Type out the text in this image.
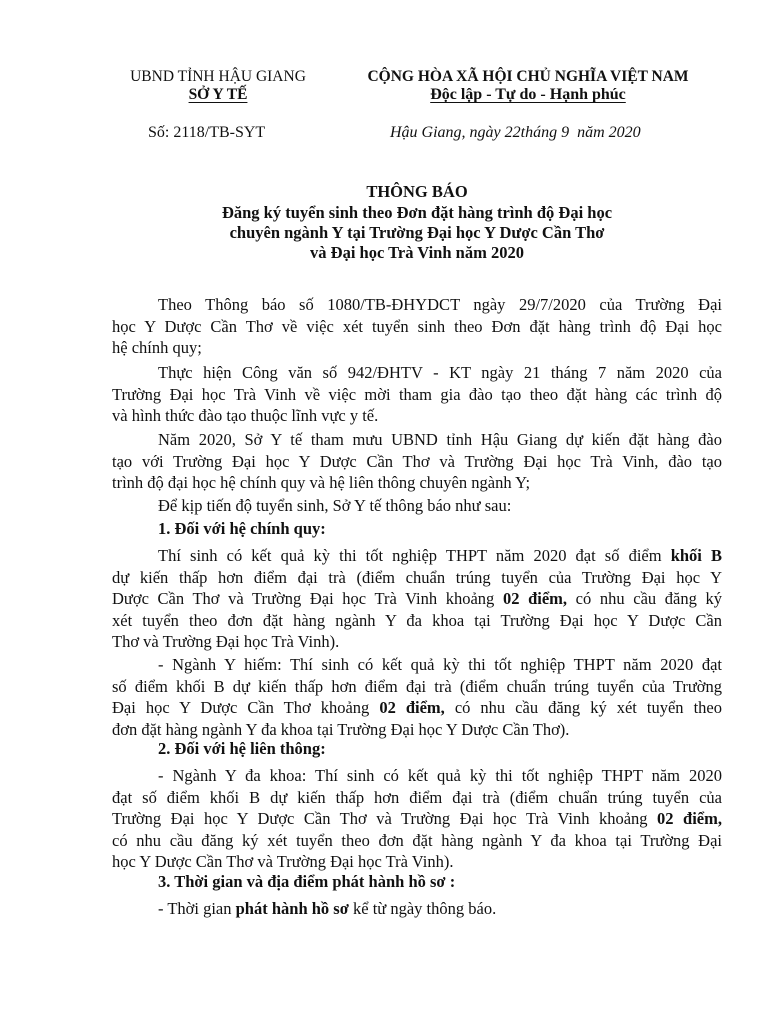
UBND TỈNH HẬU GIANG
SỞ Y TẾ
CỘNG HÒA XÃ HỘI CHỦ NGHĨA VIỆT NAM
Độc lập - Tự do - Hạnh phúc
Số: 2118/TB-SYT	Hậu Giang, ngày 22tháng 9  năm 2020
THÔNG BÁO
Đăng ký tuyển sinh theo Đơn đặt hàng trình độ Đại học
chuyên ngành Y tại Trường Đại học Y Dược Cần Thơ
và Đại học Trà Vinh năm 2020
Theo Thông báo số 1080/TB-ĐHYDCT ngày 29/7/2020 của Trường Đại
học Y Dược Cần Thơ về việc xét tuyển sinh theo Đơn đặt hàng trình độ Đại học
hệ chính quy;
Thực hiện Công văn số 942/ĐHTV - KT ngày 21 tháng 7 năm 2020 của
Trường Đại học Trà Vinh về việc mời tham gia đào tạo theo đặt hàng các trình độ
và hình thức đào tạo thuộc lĩnh vực y tế.
Năm 2020, Sở Y tế tham mưu UBND tỉnh Hậu Giang dự kiến đặt hàng đào
tạo với Trường Đại học Y Dược Cần Thơ và Trường Đại học Trà Vinh, đào tạo
trình độ đại học hệ chính quy và hệ liên thông chuyên ngành Y;
Để kịp tiến độ tuyển sinh, Sở Y tế thông báo như sau:
1. Đối với hệ chính quy:
Thí sinh có kết quả kỳ thi tốt nghiệp THPT năm 2020 đạt số điểm khối B
dự kiến thấp hơn điểm đại trà (điểm chuẩn trúng tuyển của Trường Đại học Y
Dược Cần Thơ và Trường Đại học Trà Vinh khoảng 02 điểm, có nhu cầu đăng ký
xét tuyển theo đơn đặt hàng ngành Y đa khoa tại Trường Đại học Y Dược Cần
Thơ và Trường Đại học Trà Vinh).
- Ngành Y hiếm: Thí sinh có kết quả kỳ thi tốt nghiệp THPT năm 2020 đạt
số điểm khối B dự kiến thấp hơn điểm đại trà (điểm chuẩn trúng tuyển của Trường
Đại học Y Dược Cần Thơ khoảng 02 điểm, có nhu cầu đăng ký xét tuyển theo
đơn đặt hàng ngành Y đa khoa tại Trường Đại học Y Dược Cần Thơ).
2. Đối với hệ liên thông:
- Ngành Y đa khoa: Thí sinh có kết quả kỳ thi tốt nghiệp THPT năm 2020
đạt số điểm khối B dự kiến thấp hơn điểm đại trà (điểm chuẩn trúng tuyển của
Trường Đại học Y Dược Cần Thơ và Trường Đại học Trà Vinh khoảng 02 điểm,
có nhu cầu đăng ký xét tuyển theo đơn đặt hàng ngành Y đa khoa tại Trường Đại
học Y Dược Cần Thơ và Trường Đại học Trà Vinh).
3. Thời gian và địa điểm phát hành hồ sơ :
- Thời gian phát hành hồ sơ kể từ ngày thông báo.
